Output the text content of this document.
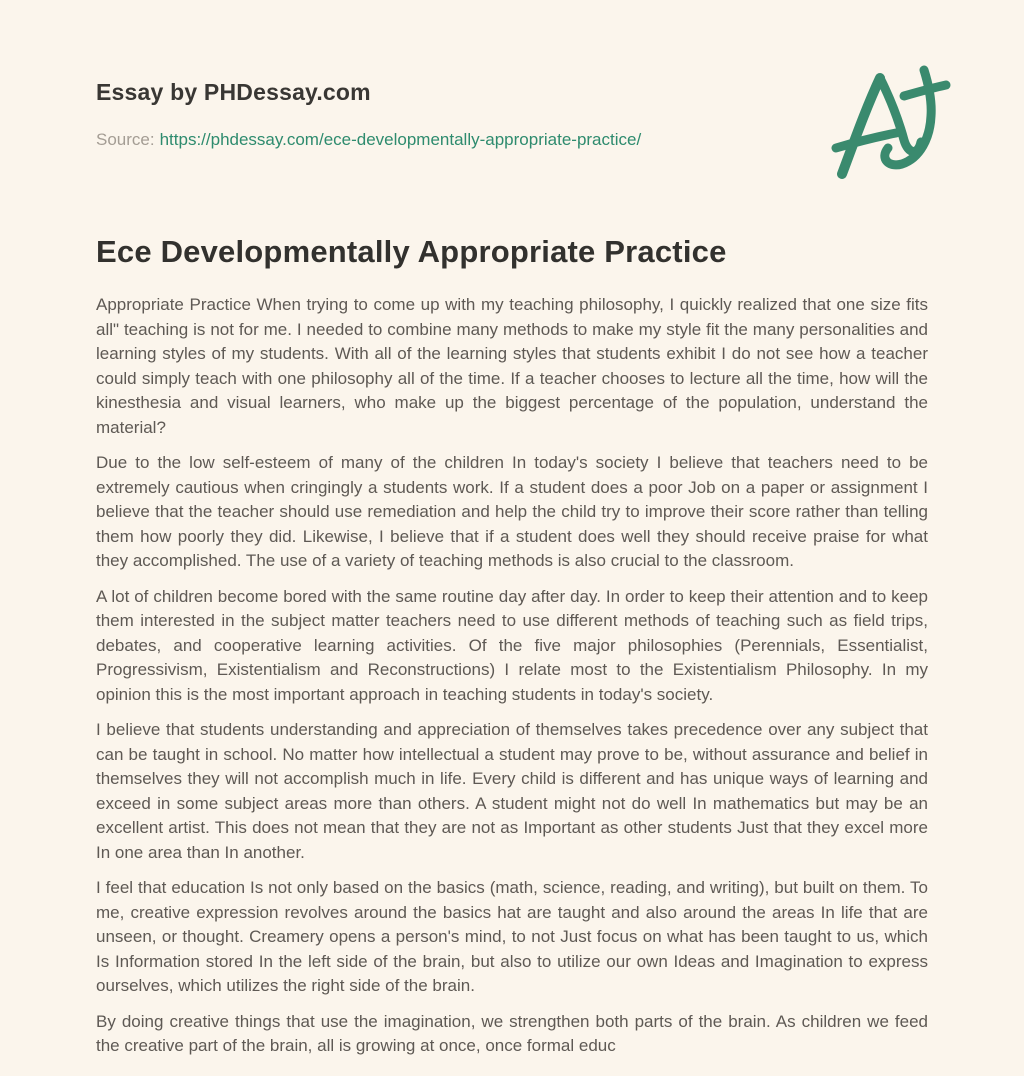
Essay by PHDessay.com
Source: https://phdessay.com/ece-developmentally-appropriate-practice/
Ece Developmentally Appropriate Practice

Appropriate Practice When trying to come up with my teaching philosophy, I quickly realized that one size fits all" teaching is not for me. I needed to combine many methods to make my style fit the many personalities and learning styles of my students. With all of the learning styles that students exhibit I do not see how a teacher could simply teach with one philosophy all of the time. If a teacher chooses to lecture all the time, how will the kinesthesia and visual learners, who make up the biggest percentage of the population, understand the material?

Due to the low self-esteem of many of the children In today's society I believe that teachers need to be extremely cautious when cringingly a students work. If a student does a poor Job on a paper or assignment I believe that the teacher should use remediation and help the child try to improve their score rather than telling them how poorly they did. Likewise, I believe that if a student does well they should receive praise for what they accomplished. The use of a variety of teaching methods is also crucial to the classroom.

A lot of children become bored with the same routine day after day. In order to keep their attention and to keep them interested in the subject matter teachers need to use different methods of teaching such as field trips, debates, and cooperative learning activities. Of the five major philosophies (Perennials, Essentialist, Progressivism, Existentialism and Reconstructions) I relate most to the Existentialism Philosophy. In my opinion this is the most important approach in teaching students in today's society.

I believe that students understanding and appreciation of themselves takes precedence over any subject that can be taught in school. No matter how intellectual a student may prove to be, without assurance and belief in themselves they will not accomplish much in life. Every child is different and has unique ways of learning and exceed in some subject areas more than others. A student might not do well In mathematics but may be an excellent artist. This does not mean that they are not as Important as other students Just that they excel more In one area than In another.

I feel that education Is not only based on the basics (math, science, reading, and writing), but built on them. To me, creative expression revolves around the basics hat are taught and also around the areas In life that are unseen, or thought. Creamery opens a person's mind, to not Just focus on what has been taught to us, which Is Information stored In the left side of the brain, but also to utilize our own Ideas and Imagination to express ourselves, which utilizes the right side of the brain.

By doing creative things that use the imagination, we strengthen both parts of the brain. As children we feed the creative part of the brain, all is growing at once, once formal educ
